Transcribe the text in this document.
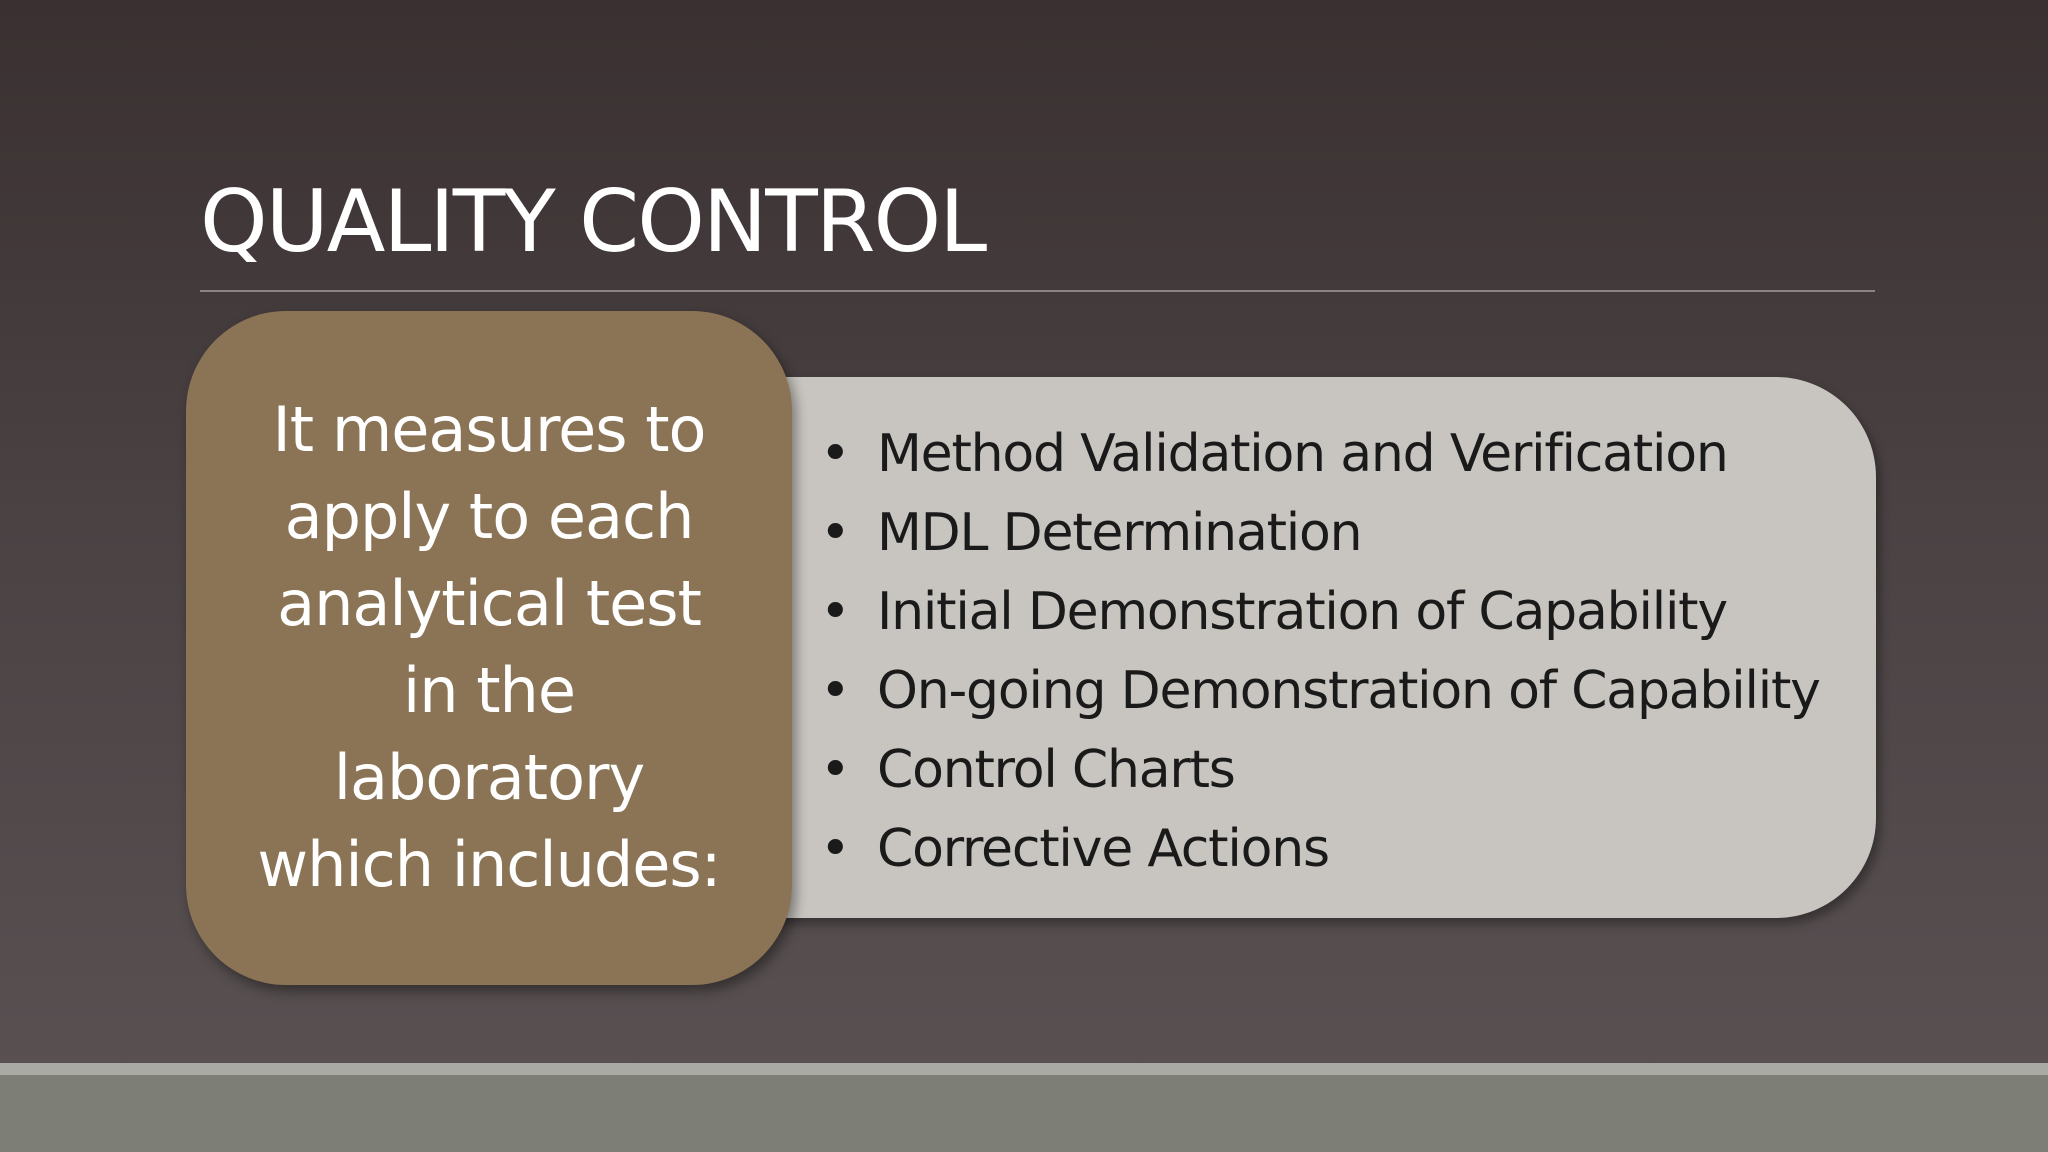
QUALITY CONTROL
• Method Validation and Verification
• MDL Determination
• Initial Demonstration of Capability
• On-going Demonstration of Capability
• Control Charts
• Corrective Actions
It measures to
apply to each
analytical test
in the
laboratory
which includes:
